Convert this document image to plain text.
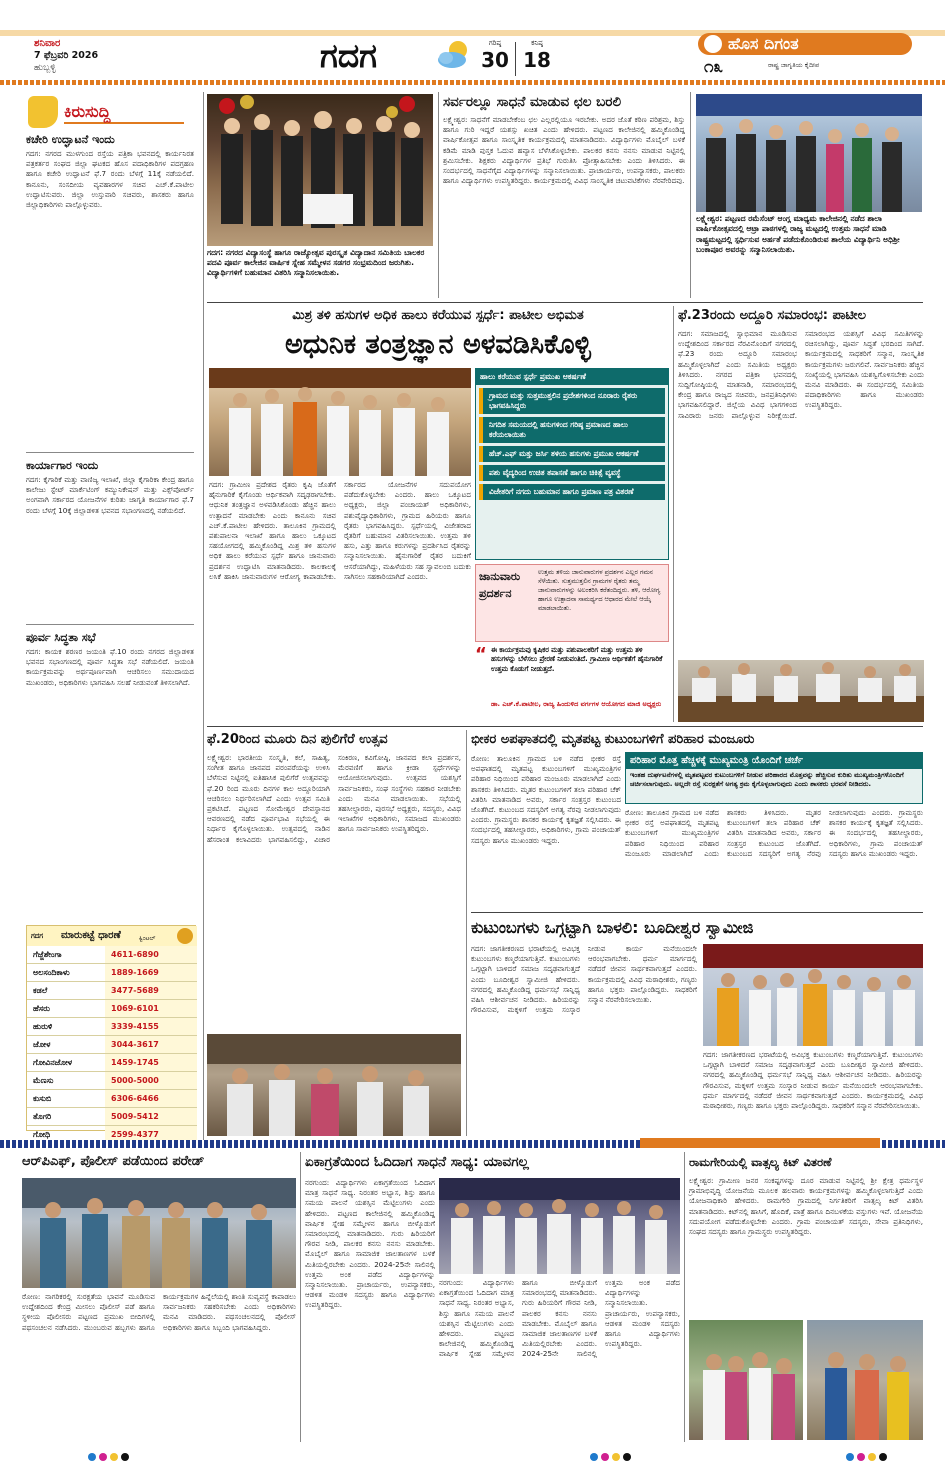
ಶನಿವಾರ
7 ಫೆಬ್ರವರಿ 2026
ಹುಬ್ಬಳ್ಳಿ	ಗದಗ	ಗರಿಷ್ಠ
30
ಕನಿಷ್ಠ
18
ಹೊಸ ದಿಗಂತ
೧೩	ರಾಷ್ಟ್ರ ಜಾಗೃತಿಯ ಕೈದೀಪ
ಕಿರುಸುದ್ದಿ
ಕಚೇರಿ ಉದ್ಘಾಟನೆ ಇಂದು
ಗದಗ: ನಗರದ ಮುಳಗುಂದ ರಸ್ತೆಯ ಪತ್ರಿಕಾ ಭವನದಲ್ಲಿ ಕಾರ್ಯನಿರತ ಪತ್ರಕರ್ತರ ಸಂಘದ ಜಿಲ್ಲಾ ಘಟಕದ ಹೊಸ ಪದಾಧಿಕಾರಿಗಳ ಪದಗ್ರಹಣ ಹಾಗೂ ಕಚೇರಿ ಉದ್ಘಾಟನೆ ಫೆ.7 ರಂದು ಬೆಳಗ್ಗೆ 11ಕ್ಕೆ ನಡೆಯಲಿದೆ. ಕಾನೂನು, ಸಂಸದೀಯ ವ್ಯವಹಾರಗಳ ಸಚಿವ ಎಚ್.ಕೆ.ಪಾಟೀಲ ಉದ್ಘಾಟಿಸುವರು. ಜಿಲ್ಲಾ ಉಸ್ತುವಾರಿ ಸಚಿವರು, ಶಾಸಕರು ಹಾಗೂ ಜಿಲ್ಲಾಧಿಕಾರಿಗಳು ಪಾಲ್ಗೊಳ್ಳುವರು.
ಕಾರ್ಯಾಗಾರ ಇಂದು
ಗದಗ: ಕೈಗಾರಿಕೆ ಮತ್ತು ವಾಣಿಜ್ಯ ಇಲಾಖೆ, ಜಿಲ್ಲಾ ಕೈಗಾರಿಕಾ ಕೇಂದ್ರ ಹಾಗೂ ಕಾಲೇಜು ಸ್ಟೇಟ್ ಮಾರ್ಕೆಟಿಂಗ್ ಕಮ್ಯುನಿಕೇಷನ್ ಮತ್ತು ಎಕ್ಸ್‌ಪೋರ್ಟ್ ಅಂಗವಾಗಿ ಸರ್ಕಾರದ ಯೋಜನೆಗಳ ಕುರಿತು ಜಾಗೃತಿ ಕಾರ್ಯಾಗಾರ ಫೆ.7 ರಂದು ಬೆಳಗ್ಗೆ 10ಕ್ಕೆ ಜಿಲ್ಲಾಡಳಿತ ಭವನದ ಸಭಾಂಗಣದಲ್ಲಿ ನಡೆಯಲಿದೆ.
ಪೂರ್ವ ಸಿದ್ಧತಾ ಸಭೆ
ಗದಗ: ಕಾಯಕ ಶರಣರ ಜಯಂತಿ ಫೆ.10 ರಂದು ನಗರದ ಜಿಲ್ಲಾಡಳಿತ ಭವನದ ಸಭಾಂಗಣದಲ್ಲಿ ಪೂರ್ವ ಸಿದ್ಧತಾ ಸಭೆ ನಡೆಯಲಿದೆ. ಜಯಂತಿ ಕಾರ್ಯಕ್ರಮವನ್ನು ಅರ್ಥಪೂರ್ಣವಾಗಿ ಆಚರಿಸಲು ಸಮುದಾಯದ ಮುಖಂಡರು, ಅಧಿಕಾರಿಗಳು ಭಾಗವಹಿಸಿ ಸಲಹೆ ನೀಡುವಂತೆ ತಿಳಿಸಲಾಗಿದೆ.
ಗದಗ	ಮಾರುಕಟ್ಟೆ ಧಾರಣೆ	ಕ್ವಿಂಟಲ್
ಗೆಜ್ಜೆಶೇಂಗಾ	4611-6890
ಅಲಸಂದಿಕಾಳು	1889-1669
ಕಡಲೆ	3477-5689
ಹೆಸರು	1069-6101
ಹುರುಳಿ	3339-4155
ಜೋಳ	3044-3617
ಗೋವಿನಜೋಳ	1459-1745
ಮೆಣಸು	5000-5000
ಕುಸುಬಿ	6306-6466
ತೊಗರಿ	5009-5412
ಗೋಧಿ	2599-4377
ಗದಗ: ನಗರದ ವಿದ್ಯಾಸಂಸ್ಥೆ ಹಾಗೂ ರಾಜ್ಯೋತ್ಸವ ಪುರಸ್ಕೃತ ವಿದ್ಯಾದಾನ ಸಮಿತಿಯ ಬಾಲಕರ ಪದವಿ ಪೂರ್ವ ಕಾಲೇಜಿನ ವಾರ್ಷಿಕ ಸ್ನೇಹ ಸಮ್ಮೇಳನ ಸಡಗರ ಸಂಭ್ರಮದಿಂದ ಜರುಗಿತು. ವಿದ್ಯಾರ್ಥಿಗಳಿಗೆ ಬಹುಮಾನ ವಿತರಿಸಿ ಸನ್ಮಾನಿಸಲಾಯಿತು.
ಸರ್ವರಲ್ಲೂ ಸಾಧನೆ ಮಾಡುವ ಛಲ ಬರಲಿ
ಲಕ್ಷ್ಮೇಶ್ವರ: ಸಾಧನೆಗೆ ಮಾಡಬೇಕೆಂಬ ಛಲ ಎಲ್ಲರಲ್ಲಿಯೂ ಇರಬೇಕು. ಅದರ ಜೊತೆ ಕಠಿಣ ಪರಿಶ್ರಮ, ಶಿಸ್ತು ಹಾಗೂ ಗುರಿ ಇದ್ದರೆ ಯಶಸ್ಸು ಖಚಿತ ಎಂದು ಹೇಳಿದರು. ಪಟ್ಟಣದ ಕಾಲೇಜಿನಲ್ಲಿ ಹಮ್ಮಿಕೊಂಡಿದ್ದ ವಾರ್ಷಿಕೋತ್ಸವ ಹಾಗೂ ಸಾಂಸ್ಕೃತಿಕ ಕಾರ್ಯಕ್ರಮದಲ್ಲಿ ಮಾತನಾಡಿದರು. ವಿದ್ಯಾರ್ಥಿಗಳು ಮೊಬೈಲ್ ಬಳಕೆ ಕಡಿಮೆ ಮಾಡಿ ಪುಸ್ತಕ ಓದುವ ಹವ್ಯಾಸ ಬೆಳೆಸಿಕೊಳ್ಳಬೇಕು. ಪಾಲಕರ ಕನಸು ನನಸು ಮಾಡುವ ನಿಟ್ಟಿನಲ್ಲಿ ಶ್ರಮಿಸಬೇಕು. ಶಿಕ್ಷಕರು ವಿದ್ಯಾರ್ಥಿಗಳ ಪ್ರತಿಭೆ ಗುರುತಿಸಿ ಪ್ರೋತ್ಸಾಹಿಸಬೇಕು ಎಂದು ತಿಳಿಸಿದರು. ಈ ಸಂದರ್ಭದಲ್ಲಿ ಸಾಧನೆಗೈದ ವಿದ್ಯಾರ್ಥಿಗಳನ್ನು ಸನ್ಮಾನಿಸಲಾಯಿತು. ಪ್ರಾಚಾರ್ಯರು, ಉಪನ್ಯಾಸಕರು, ಪಾಲಕರು ಹಾಗೂ ವಿದ್ಯಾರ್ಥಿಗಳು ಉಪಸ್ಥಿತರಿದ್ದರು. ಕಾರ್ಯಕ್ರಮದಲ್ಲಿ ವಿವಿಧ ಸಾಂಸ್ಕೃತಿಕ ಚಟುವಟಿಕೆಗಳು ನೆರವೇರಿದವು.
ಲಕ್ಷ್ಮೇಶ್ವರ: ಪಟ್ಟಣದ ರಮೆಸೆಂಟ್ ಆಂಗ್ಲ ಮಾಧ್ಯಮ ಕಾಲೇಜಿನಲ್ಲಿ ನಡೆದ ಶಾಲಾ ವಾರ್ಷಿಕೋತ್ಸವದಲ್ಲಿ ಆಟ್ರಾ ಪಾಠಗಳಲ್ಲಿ ರಾಜ್ಯ ಮಟ್ಟದಲ್ಲಿ ಉತ್ತಮ ಸಾಧನೆ ಮಾಡಿ ರಾಷ್ಟ್ರಮಟ್ಟದಲ್ಲಿ ಸ್ಪರ್ಧಿಸುವ ಅರ್ಹತೆ ಪಡೆದುಕೊಂಡಿರುವ ಶಾಲೆಯ ವಿದ್ಯಾರ್ಥಿನಿ ಅಧಿಶ್ರೀ ಬಂಕಾಪೂರ ಅವರನ್ನು ಸನ್ಮಾನಿಸಲಾಯಿತು.
ಮಿಶ್ರ ತಳಿ ಹಸುಗಳ ಅಧಿಕ ಹಾಲು ಕರೆಯುವ ಸ್ಪರ್ಧೆ: ಪಾಟೀಲ ಅಭಿಮತ
ಅಧುನಿಕ ತಂತ್ರಜ್ಞಾನ ಅಳವಡಿಸಿಕೊಳ್ಳಿ
ಗದಗ: ಗ್ರಾಮೀಣ ಪ್ರದೇಶದ ರೈತರು ಕೃಷಿ ಜೊತೆಗೆ ಹೈನುಗಾರಿಕೆ ಕೈಗೊಂಡು ಆರ್ಥಿಕವಾಗಿ ಸದೃಢರಾಗಬೇಕು. ಆಧುನಿಕ ತಂತ್ರಜ್ಞಾನ ಅಳವಡಿಸಿಕೊಂಡು ಹೆಚ್ಚಿನ ಹಾಲು ಉತ್ಪಾದನೆ ಮಾಡಬೇಕು ಎಂದು ಕಾನೂನು ಸಚಿವ ಎಚ್.ಕೆ.ಪಾಟೀಲ ಹೇಳಿದರು. ತಾಲೂಕಿನ ಗ್ರಾಮದಲ್ಲಿ ಪಶುಪಾಲನಾ ಇಲಾಖೆ ಹಾಗೂ ಹಾಲು ಒಕ್ಕೂಟದ ಸಹಯೋಗದಲ್ಲಿ ಹಮ್ಮಿಕೊಂಡಿದ್ದ ಮಿಶ್ರ ತಳಿ ಹಸುಗಳ ಅಧಿಕ ಹಾಲು ಕರೆಯುವ ಸ್ಪರ್ಧೆ ಹಾಗೂ ಜಾನುವಾರು ಪ್ರದರ್ಶನ ಉದ್ಘಾಟಿಸಿ ಮಾತನಾಡಿದರು. ಕಾಲಕಾಲಕ್ಕೆ ಲಸಿಕೆ ಹಾಕಿಸಿ ಜಾನುವಾರುಗಳ ಆರೋಗ್ಯ ಕಾಪಾಡಬೇಕು. ಸರ್ಕಾರದ ಯೋಜನೆಗಳ ಸದುಪಯೋಗ ಪಡೆದುಕೊಳ್ಳಬೇಕು ಎಂದರು. ಹಾಲು ಒಕ್ಕೂಟದ ಅಧ್ಯಕ್ಷರು, ಜಿಲ್ಲಾ ಪಂಚಾಯತ್ ಅಧಿಕಾರಿಗಳು, ಪಶುವೈದ್ಯಾಧಿಕಾರಿಗಳು, ಗ್ರಾಮದ ಹಿರಿಯರು ಹಾಗೂ ರೈತರು ಭಾಗವಹಿಸಿದ್ದರು. ಸ್ಪರ್ಧೆಯಲ್ಲಿ ವಿಜೇತರಾದ ರೈತರಿಗೆ ಬಹುಮಾನ ವಿತರಿಸಲಾಯಿತು. ಉತ್ತಮ ತಳಿ ಹಸು, ಎತ್ತು ಹಾಗೂ ಕರುಗಳನ್ನು ಪ್ರದರ್ಶಿಸಿದ ರೈತರನ್ನು ಸನ್ಮಾನಿಸಲಾಯಿತು. ಹೈನುಗಾರಿಕೆ ರೈತರ ಬದುಕಿಗೆ ಆಸರೆಯಾಗಿದ್ದು, ಮಹಿಳೆಯರು ಸಹ ಸ್ವಾವಲಂಬಿ ಬದುಕು ಸಾಗಿಸಲು ಸಹಕಾರಿಯಾಗಿದೆ ಎಂದರು.
ಹಾಲು ಕರೆಯುವ ಸ್ಪರ್ಧೆ ಪ್ರಮುಖ ಆಕರ್ಷಣೆ
ಗ್ರಾಮದ ಮತ್ತು ಸುತ್ತಮುತ್ತಲಿನ ಪ್ರದೇಶಗಳಿಂದ ನೂರಾರು ರೈತರು ಭಾಗವಹಿಸಿದ್ದರು
ನಿಗದಿತ ಸಮಯದಲ್ಲಿ ಹಸುಗಳಿಂದ ಗರಿಷ್ಠ ಪ್ರಮಾಣದ ಹಾಲು ಕರೆಯಲಾಯಿತು
ಹೆಚ್.ಎಫ್ ಮತ್ತು ಜರ್ಸಿ ತಳಿಯ ಹಸುಗಳು ಪ್ರಮುಖ ಆಕರ್ಷಣೆ
ಪಶು ವೈದ್ಯರಿಂದ ಉಚಿತ ತಪಾಸಣೆ ಹಾಗೂ ಚಿಕಿತ್ಸೆ ವ್ಯವಸ್ಥೆ
ವಿಜೇತರಿಗೆ ನಗದು ಬಹುಮಾನ ಹಾಗೂ ಪ್ರಮಾಣ ಪತ್ರ ವಿತರಣೆ
ಜಾನುವಾರು ಪ್ರದರ್ಶನ
ಉತ್ತಮ ತಳಿಯ ಜಾನುವಾರುಗಳ ಪ್ರದರ್ಶನ ಎಲ್ಲರ ಗಮನ ಸೆಳೆಯಿತು. ಸುತ್ತಮುತ್ತಲಿನ ಗ್ರಾಮಗಳ ರೈತರು ತಮ್ಮ ಜಾನುವಾರುಗಳನ್ನು ಅಲಂಕರಿಸಿ ಕರೆತಂದಿದ್ದರು. ತಳಿ, ಆರೋಗ್ಯ ಹಾಗೂ ಉತ್ಪಾದನಾ ಸಾಮರ್ಥ್ಯದ ಆಧಾರದ ಮೇಲೆ ಆಯ್ಕೆ ಮಾಡಲಾಯಿತು.
“ ಈ ಕಾರ್ಯಕ್ರಮವು ಕೃಷಿಕರ ಮತ್ತು ಪಶುಪಾಲಕರಿಗೆ ಮತ್ತು ಉತ್ತಮ ತಳಿ ಹಸುಗಳನ್ನು ಬೆಳೆಸಲು ಪ್ರೇರಣೆ ನೀಡುವಂತಿದೆ. ಗ್ರಾಮೀಣ ಆರ್ಥಿಕತೆಗೆ ಹೈನುಗಾರಿಕೆ ಉತ್ತಮ ಕೊಡುಗೆ ನೀಡುತ್ತದೆ.
ಡಾ. ಎಚ್.ಕೆ.ಪಾಟೀಲ, ರಾಜ್ಯ ಹಿಂದುಳಿದ ವರ್ಗಗಳ ಆಯೋಗದ ಮಾಜಿ ಅಧ್ಯಕ್ಷರು
ಫೆ.23ರಂದು ಅದ್ದೂರಿ ಸಮಾರಂಭ: ಪಾಟೀಲ
ಗದಗ: ಸಮಾಜದಲ್ಲಿ ಸ್ವಾಭಿಮಾನ ಮೂಡಿಸುವ ಉದ್ದೇಶದಿಂದ ಸರ್ಕಾರದ ನೆರವಿನೊಂದಿಗೆ ನಗರದಲ್ಲಿ ಫೆ.23 ರಂದು ಅದ್ದೂರಿ ಸಮಾರಂಭ ಹಮ್ಮಿಕೊಳ್ಳಲಾಗಿದೆ ಎಂದು ಸಮಿತಿಯ ಅಧ್ಯಕ್ಷರು ತಿಳಿಸಿದರು. ನಗರದ ಪತ್ರಿಕಾ ಭವನದಲ್ಲಿ ಸುದ್ದಿಗೋಷ್ಠಿಯಲ್ಲಿ ಮಾತನಾಡಿ, ಸಮಾರಂಭದಲ್ಲಿ ಕೇಂದ್ರ ಹಾಗೂ ರಾಜ್ಯದ ಸಚಿವರು, ಜನಪ್ರತಿನಿಧಿಗಳು ಭಾಗವಹಿಸಲಿದ್ದಾರೆ. ಜಿಲ್ಲೆಯ ವಿವಿಧ ಭಾಗಗಳಿಂದ ಸಾವಿರಾರು ಜನರು ಪಾಲ್ಗೊಳ್ಳುವ ನಿರೀಕ್ಷೆಯಿದೆ. ಸಮಾರಂಭದ ಯಶಸ್ಸಿಗೆ ವಿವಿಧ ಸಮಿತಿಗಳನ್ನು ರಚಿಸಲಾಗಿದ್ದು, ಪೂರ್ವ ಸಿದ್ಧತೆ ಭರದಿಂದ ಸಾಗಿದೆ. ಕಾರ್ಯಕ್ರಮದಲ್ಲಿ ಸಾಧಕರಿಗೆ ಸನ್ಮಾನ, ಸಾಂಸ್ಕೃತಿಕ ಕಾರ್ಯಕ್ರಮಗಳು ಜರುಗಲಿವೆ. ಸಾರ್ವಜನಿಕರು ಹೆಚ್ಚಿನ ಸಂಖ್ಯೆಯಲ್ಲಿ ಭಾಗವಹಿಸಿ ಯಶಸ್ವಿಗೊಳಿಸಬೇಕು ಎಂದು ಮನವಿ ಮಾಡಿದರು. ಈ ಸಂದರ್ಭದಲ್ಲಿ ಸಮಿತಿಯ ಪದಾಧಿಕಾರಿಗಳು ಹಾಗೂ ಮುಖಂಡರು ಉಪಸ್ಥಿತರಿದ್ದರು.
ಫೆ.20ರಿಂದ ಮೂರು ದಿನ ಪುಲಿಗೆರೆ ಉತ್ಸವ
ಲಕ್ಷ್ಮೇಶ್ವರ: ಭಾರತೀಯ ಸಂಸ್ಕೃತಿ, ಕಲೆ, ಸಾಹಿತ್ಯ, ಸಂಗೀತ ಹಾಗೂ ಜಾನಪದ ಪರಂಪರೆಯನ್ನು ಉಳಿಸಿ ಬೆಳೆಸುವ ನಿಟ್ಟಿನಲ್ಲಿ ಐತಿಹಾಸಿಕ ಪುಲಿಗೆರೆ ಉತ್ಸವವನ್ನು ಫೆ.20 ರಿಂದ ಮೂರು ದಿನಗಳ ಕಾಲ ಅದ್ದೂರಿಯಾಗಿ ಆಚರಿಸಲು ನಿರ್ಧರಿಸಲಾಗಿದೆ ಎಂದು ಉತ್ಸವ ಸಮಿತಿ ಪ್ರಕಟಿಸಿದೆ. ಪಟ್ಟಣದ ಸೋಮೇಶ್ವರ ದೇವಸ್ಥಾನದ ಆವರಣದಲ್ಲಿ ನಡೆದ ಪೂರ್ವಭಾವಿ ಸಭೆಯಲ್ಲಿ ಈ ನಿರ್ಧಾರ ಕೈಗೊಳ್ಳಲಾಯಿತು. ಉತ್ಸವದಲ್ಲಿ ನಾಡಿನ ಹೆಸರಾಂತ ಕಲಾವಿದರು ಭಾಗವಹಿಸಲಿದ್ದು, ವಿಚಾರ ಸಂಕಿರಣ, ಕವಿಗೋಷ್ಠಿ, ಜಾನಪದ ಕಲಾ ಪ್ರದರ್ಶನ, ಮೆರವಣಿಗೆ ಹಾಗೂ ಕ್ರೀಡಾ ಸ್ಪರ್ಧೆಗಳನ್ನು ಆಯೋಜಿಸಲಾಗುವುದು. ಉತ್ಸವದ ಯಶಸ್ಸಿಗೆ ಸಾರ್ವಜನಿಕರು, ಸಂಘ ಸಂಸ್ಥೆಗಳು ಸಹಕಾರ ನೀಡಬೇಕು ಎಂದು ಮನವಿ ಮಾಡಲಾಯಿತು. ಸಭೆಯಲ್ಲಿ ತಹಸೀಲ್ದಾರರು, ಪುರಸಭೆ ಅಧ್ಯಕ್ಷರು, ಸದಸ್ಯರು, ವಿವಿಧ ಇಲಾಖೆಗಳ ಅಧಿಕಾರಿಗಳು, ಸಮಾಜದ ಮುಖಂಡರು ಹಾಗೂ ಸಾರ್ವಜನಿಕರು ಉಪಸ್ಥಿತರಿದ್ದರು.
ಭೀಕರ ಅಪಘಾತದಲ್ಲಿ ಮೃತಪಟ್ಟ ಕುಟುಂಬಗಳಿಗೆ ಪರಿಹಾರ ಮಂಜೂರು
ರೋಣ: ತಾಲೂಕಿನ ಗ್ರಾಮದ ಬಳಿ ನಡೆದ ಭೀಕರ ರಸ್ತೆ ಅಪಘಾತದಲ್ಲಿ ಮೃತಪಟ್ಟ ಕುಟುಂಬಗಳಿಗೆ ಮುಖ್ಯಮಂತ್ರಿಗಳ ಪರಿಹಾರ ನಿಧಿಯಿಂದ ಪರಿಹಾರ ಮಂಜೂರು ಮಾಡಲಾಗಿದೆ ಎಂದು ಶಾಸಕರು ತಿಳಿಸಿದರು. ಮೃತರ ಕುಟುಂಬಗಳಿಗೆ ತಲಾ ಪರಿಹಾರ ಚೆಕ್ ವಿತರಿಸಿ ಮಾತನಾಡಿದ ಅವರು, ಸರ್ಕಾರ ಸಂತ್ರಸ್ತರ ಕುಟುಂಬದ ಜೊತೆಗಿದೆ. ಕುಟುಂಬದ ಸದಸ್ಯರಿಗೆ ಅಗತ್ಯ ನೆರವು ನೀಡಲಾಗುವುದು ಎಂದರು. ಗ್ರಾಮಸ್ಥರು ಶಾಸಕರ ಕಾರ್ಯಕ್ಕೆ ಕೃತಜ್ಞತೆ ಸಲ್ಲಿಸಿದರು. ಈ ಸಂದರ್ಭದಲ್ಲಿ ತಹಸೀಲ್ದಾರರು, ಅಧಿಕಾರಿಗಳು, ಗ್ರಾಮ ಪಂಚಾಯತ್ ಸದಸ್ಯರು ಹಾಗೂ ಮುಖಂಡರು ಇದ್ದರು.
ಪರಿಹಾರ ಮೊತ್ತ ಹೆಚ್ಚಳಕ್ಕೆ ಮುಖ್ಯಮಂತ್ರಿ ಯೊಂದಿಗೆ ಚರ್ಚೆ
ಇಂತಹ ದುರ್ಘಟನೆಗಳಲ್ಲಿ ಮೃತಪಟ್ಟವರ ಕುಟುಂಬಗಳಿಗೆ ನೀಡುವ ಪರಿಹಾರದ ಮೊತ್ತವನ್ನು ಹೆಚ್ಚಿಸುವ ಕುರಿತು ಮುಖ್ಯಮಂತ್ರಿಗಳೊಂದಿಗೆ ಚರ್ಚಿಸಲಾಗುವುದು. ಅಲ್ಲದೇ ರಸ್ತೆ ಸುರಕ್ಷತೆಗೆ ಅಗತ್ಯ ಕ್ರಮ ಕೈಗೊಳ್ಳಲಾಗುವುದು ಎಂದು ಶಾಸಕರು ಭರವಸೆ ನೀಡಿದರು.
ರೋಣ: ತಾಲೂಕಿನ ಗ್ರಾಮದ ಬಳಿ ನಡೆದ ಭೀಕರ ರಸ್ತೆ ಅಪಘಾತದಲ್ಲಿ ಮೃತಪಟ್ಟ ಕುಟುಂಬಗಳಿಗೆ ಮುಖ್ಯಮಂತ್ರಿಗಳ ಪರಿಹಾರ ನಿಧಿಯಿಂದ ಪರಿಹಾರ ಮಂಜೂರು ಮಾಡಲಾಗಿದೆ ಎಂದು ಶಾಸಕರು ತಿಳಿಸಿದರು. ಮೃತರ ಕುಟುಂಬಗಳಿಗೆ ತಲಾ ಪರಿಹಾರ ಚೆಕ್ ವಿತರಿಸಿ ಮಾತನಾಡಿದ ಅವರು, ಸರ್ಕಾರ ಸಂತ್ರಸ್ತರ ಕುಟುಂಬದ ಜೊತೆಗಿದೆ. ಕುಟುಂಬದ ಸದಸ್ಯರಿಗೆ ಅಗತ್ಯ ನೆರವು ನೀಡಲಾಗುವುದು ಎಂದರು. ಗ್ರಾಮಸ್ಥರು ಶಾಸಕರ ಕಾರ್ಯಕ್ಕೆ ಕೃತಜ್ಞತೆ ಸಲ್ಲಿಸಿದರು. ಈ ಸಂದರ್ಭದಲ್ಲಿ ತಹಸೀಲ್ದಾರರು, ಅಧಿಕಾರಿಗಳು, ಗ್ರಾಮ ಪಂಚಾಯತ್ ಸದಸ್ಯರು ಹಾಗೂ ಮುಖಂಡರು ಇದ್ದರು.
ಕುಟುಂಬಗಳು ಒಗ್ಗಟ್ಟಾಗಿ ಬಾಳಲಿ: ಬೂದೀಶ್ವರ ಸ್ವಾಮೀಜಿ
ಗದಗ: ಜಾಗತೀಕರಣದ ಭರಾಟೆಯಲ್ಲಿ ಅವಿಭಕ್ತ ಕುಟುಂಬಗಳು ಕಣ್ಮರೆಯಾಗುತ್ತಿವೆ. ಕುಟುಂಬಗಳು ಒಗ್ಗಟ್ಟಾಗಿ ಬಾಳಿದರೆ ಸಮಾಜ ಸದೃಢವಾಗುತ್ತದೆ ಎಂದು ಬೂದೀಶ್ವರ ಸ್ವಾಮೀಜಿ ಹೇಳಿದರು. ನಗರದಲ್ಲಿ ಹಮ್ಮಿಕೊಂಡಿದ್ದ ಧರ್ಮಸಭೆ ಸಾನ್ನಿಧ್ಯ ವಹಿಸಿ ಆಶೀರ್ವಚನ ನೀಡಿದರು. ಹಿರಿಯರನ್ನು ಗೌರವಿಸುವ, ಮಕ್ಕಳಿಗೆ ಉತ್ತಮ ಸಂಸ್ಕಾರ ನೀಡುವ ಕಾರ್ಯ ಮನೆಯಿಂದಲೇ ಆರಂಭವಾಗಬೇಕು. ಧರ್ಮ ಮಾರ್ಗದಲ್ಲಿ ನಡೆದರೆ ಜೀವನ ಸಾರ್ಥಕವಾಗುತ್ತದೆ ಎಂದರು. ಕಾರ್ಯಕ್ರಮದಲ್ಲಿ ವಿವಿಧ ಮಠಾಧೀಶರು, ಗಣ್ಯರು ಹಾಗೂ ಭಕ್ತರು ಪಾಲ್ಗೊಂಡಿದ್ದರು. ಸಾಧಕರಿಗೆ ಸನ್ಮಾನ ನೆರವೇರಿಸಲಾಯಿತು.
ಗದಗ: ಜಾಗತೀಕರಣದ ಭರಾಟೆಯಲ್ಲಿ ಅವಿಭಕ್ತ ಕುಟುಂಬಗಳು ಕಣ್ಮರೆಯಾಗುತ್ತಿವೆ. ಕುಟುಂಬಗಳು ಒಗ್ಗಟ್ಟಾಗಿ ಬಾಳಿದರೆ ಸಮಾಜ ಸದೃಢವಾಗುತ್ತದೆ ಎಂದು ಬೂದೀಶ್ವರ ಸ್ವಾಮೀಜಿ ಹೇಳಿದರು. ನಗರದಲ್ಲಿ ಹಮ್ಮಿಕೊಂಡಿದ್ದ ಧರ್ಮಸಭೆ ಸಾನ್ನಿಧ್ಯ ವಹಿಸಿ ಆಶೀರ್ವಚನ ನೀಡಿದರು. ಹಿರಿಯರನ್ನು ಗೌರವಿಸುವ, ಮಕ್ಕಳಿಗೆ ಉತ್ತಮ ಸಂಸ್ಕಾರ ನೀಡುವ ಕಾರ್ಯ ಮನೆಯಿಂದಲೇ ಆರಂಭವಾಗಬೇಕು. ಧರ್ಮ ಮಾರ್ಗದಲ್ಲಿ ನಡೆದರೆ ಜೀವನ ಸಾರ್ಥಕವಾಗುತ್ತದೆ ಎಂದರು. ಕಾರ್ಯಕ್ರಮದಲ್ಲಿ ವಿವಿಧ ಮಠಾಧೀಶರು, ಗಣ್ಯರು ಹಾಗೂ ಭಕ್ತರು ಪಾಲ್ಗೊಂಡಿದ್ದರು. ಸಾಧಕರಿಗೆ ಸನ್ಮಾನ ನೆರವೇರಿಸಲಾಯಿತು.
ಆರ್‌ಪಿಎಫ್, ಪೊಲೀಸ್ ಪಡೆಯಿಂದ ಪರೇಡ್
ರೋಣ: ನಾಗರಿಕರಲ್ಲಿ ಸುರಕ್ಷತೆಯ ಭಾವನೆ ಮೂಡಿಸುವ ಉದ್ದೇಶದಿಂದ ಕೇಂದ್ರ ಮೀಸಲು ಪೊಲೀಸ್ ಪಡೆ ಹಾಗೂ ಸ್ಥಳೀಯ ಪೊಲೀಸರು ಪಟ್ಟಣದ ಪ್ರಮುಖ ಬೀದಿಗಳಲ್ಲಿ ಪಥಸಂಚಲನ ನಡೆಸಿದರು. ಮುಂಬರುವ ಹಬ್ಬಗಳು ಹಾಗೂ ಕಾರ್ಯಕ್ರಮಗಳ ಹಿನ್ನೆಲೆಯಲ್ಲಿ ಶಾಂತಿ ಸುವ್ಯವಸ್ಥೆ ಕಾಪಾಡಲು ಸಾರ್ವಜನಿಕರು ಸಹಕರಿಸಬೇಕು ಎಂದು ಅಧಿಕಾರಿಗಳು ಮನವಿ ಮಾಡಿದರು. ಪಥಸಂಚಲನದಲ್ಲಿ ಪೊಲೀಸ್ ಅಧಿಕಾರಿಗಳು ಹಾಗೂ ಸಿಬ್ಬಂದಿ ಭಾಗವಹಿಸಿದ್ದರು.
ಏಕಾಗ್ರತೆಯಿಂದ ಓದಿದಾಗ ಸಾಧನೆ ಸಾಧ್ಯ: ಯಾವಗಲ್ಲ
ನರಗುಂದ: ವಿದ್ಯಾರ್ಥಿಗಳು ಏಕಾಗ್ರತೆಯಿಂದ ಓದಿದಾಗ ಮಾತ್ರ ಸಾಧನೆ ಸಾಧ್ಯ. ನಿರಂತರ ಅಭ್ಯಾಸ, ಶಿಸ್ತು ಹಾಗೂ ಸಮಯ ಪಾಲನೆ ಯಶಸ್ಸಿನ ಮೆಟ್ಟಿಲುಗಳು ಎಂದು ಹೇಳಿದರು. ಪಟ್ಟಣದ ಕಾಲೇಜಿನಲ್ಲಿ ಹಮ್ಮಿಕೊಂಡಿದ್ದ ವಾರ್ಷಿಕ ಸ್ನೇಹ ಸಮ್ಮೇಳನ ಹಾಗೂ ಬೀಳ್ಕೊಡುಗೆ ಸಮಾರಂಭದಲ್ಲಿ ಮಾತನಾಡಿದರು. ಗುರು ಹಿರಿಯರಿಗೆ ಗೌರವ ನೀಡಿ, ಪಾಲಕರ ಕನಸು ನನಸು ಮಾಡಬೇಕು. ಮೊಬೈಲ್ ಹಾಗೂ ಸಾಮಾಜಿಕ ಜಾಲತಾಣಗಳ ಬಳಕೆ ಮಿತಿಯಲ್ಲಿರಬೇಕು ಎಂದರು. 2024-25ನೇ ಸಾಲಿನಲ್ಲಿ ಉತ್ತಮ ಅಂಕ ಪಡೆದ ವಿದ್ಯಾರ್ಥಿಗಳನ್ನು ಸನ್ಮಾನಿಸಲಾಯಿತು. ಪ್ರಾಚಾರ್ಯರು, ಉಪನ್ಯಾಸಕರು, ಆಡಳಿತ ಮಂಡಳಿ ಸದಸ್ಯರು ಹಾಗೂ ವಿದ್ಯಾರ್ಥಿಗಳು ಉಪಸ್ಥಿತರಿದ್ದರು.
ನರಗುಂದ: ವಿದ್ಯಾರ್ಥಿಗಳು ಏಕಾಗ್ರತೆಯಿಂದ ಓದಿದಾಗ ಮಾತ್ರ ಸಾಧನೆ ಸಾಧ್ಯ. ನಿರಂತರ ಅಭ್ಯಾಸ, ಶಿಸ್ತು ಹಾಗೂ ಸಮಯ ಪಾಲನೆ ಯಶಸ್ಸಿನ ಮೆಟ್ಟಿಲುಗಳು ಎಂದು ಹೇಳಿದರು. ಪಟ್ಟಣದ ಕಾಲೇಜಿನಲ್ಲಿ ಹಮ್ಮಿಕೊಂಡಿದ್ದ ವಾರ್ಷಿಕ ಸ್ನೇಹ ಸಮ್ಮೇಳನ ಹಾಗೂ ಬೀಳ್ಕೊಡುಗೆ ಸಮಾರಂಭದಲ್ಲಿ ಮಾತನಾಡಿದರು. ಗುರು ಹಿರಿಯರಿಗೆ ಗೌರವ ನೀಡಿ, ಪಾಲಕರ ಕನಸು ನನಸು ಮಾಡಬೇಕು. ಮೊಬೈಲ್ ಹಾಗೂ ಸಾಮಾಜಿಕ ಜಾಲತಾಣಗಳ ಬಳಕೆ ಮಿತಿಯಲ್ಲಿರಬೇಕು ಎಂದರು. 2024-25ನೇ ಸಾಲಿನಲ್ಲಿ ಉತ್ತಮ ಅಂಕ ಪಡೆದ ವಿದ್ಯಾರ್ಥಿಗಳನ್ನು ಸನ್ಮಾನಿಸಲಾಯಿತು. ಪ್ರಾಚಾರ್ಯರು, ಉಪನ್ಯಾಸಕರು, ಆಡಳಿತ ಮಂಡಳಿ ಸದಸ್ಯರು ಹಾಗೂ ವಿದ್ಯಾರ್ಥಿಗಳು ಉಪಸ್ಥಿತರಿದ್ದರು.
ರಾಮಗೇರಿಯಲ್ಲಿ ವಾತ್ಸಲ್ಯ ಕಿಟ್ ವಿತರಣೆ
ಲಕ್ಷ್ಮೇಶ್ವರ: ಗ್ರಾಮೀಣ ಜನರ ಸಂಕಷ್ಟಗಳನ್ನು ದೂರ ಮಾಡುವ ನಿಟ್ಟಿನಲ್ಲಿ ಶ್ರೀ ಕ್ಷೇತ್ರ ಧರ್ಮಸ್ಥಳ ಗ್ರಾಮಾಭಿವೃದ್ಧಿ ಯೋಜನೆಯ ಮೂಲಕ ಹಲವಾರು ಕಾರ್ಯಕ್ರಮಗಳನ್ನು ಹಮ್ಮಿಕೊಳ್ಳಲಾಗುತ್ತಿದೆ ಎಂದು ಯೋಜನಾಧಿಕಾರಿ ಹೇಳಿದರು. ರಾಮಗೇರಿ ಗ್ರಾಮದಲ್ಲಿ ನಿರ್ಗತಿಕರಿಗೆ ವಾತ್ಸಲ್ಯ ಕಿಟ್ ವಿತರಿಸಿ ಮಾತನಾಡಿದರು. ಕಿಟ್‌ನಲ್ಲಿ ಹಾಸಿಗೆ, ಹೊದಿಕೆ, ಪಾತ್ರೆ ಹಾಗೂ ದಿನಬಳಕೆಯ ವಸ್ತುಗಳು ಇವೆ. ಯೋಜನೆಯ ಸದುಪಯೋಗ ಪಡೆದುಕೊಳ್ಳಬೇಕು ಎಂದರು. ಗ್ರಾಮ ಪಂಚಾಯತ್ ಸದಸ್ಯರು, ಸೇವಾ ಪ್ರತಿನಿಧಿಗಳು, ಸಂಘದ ಸದಸ್ಯರು ಹಾಗೂ ಗ್ರಾಮಸ್ಥರು ಉಪಸ್ಥಿತರಿದ್ದರು.
